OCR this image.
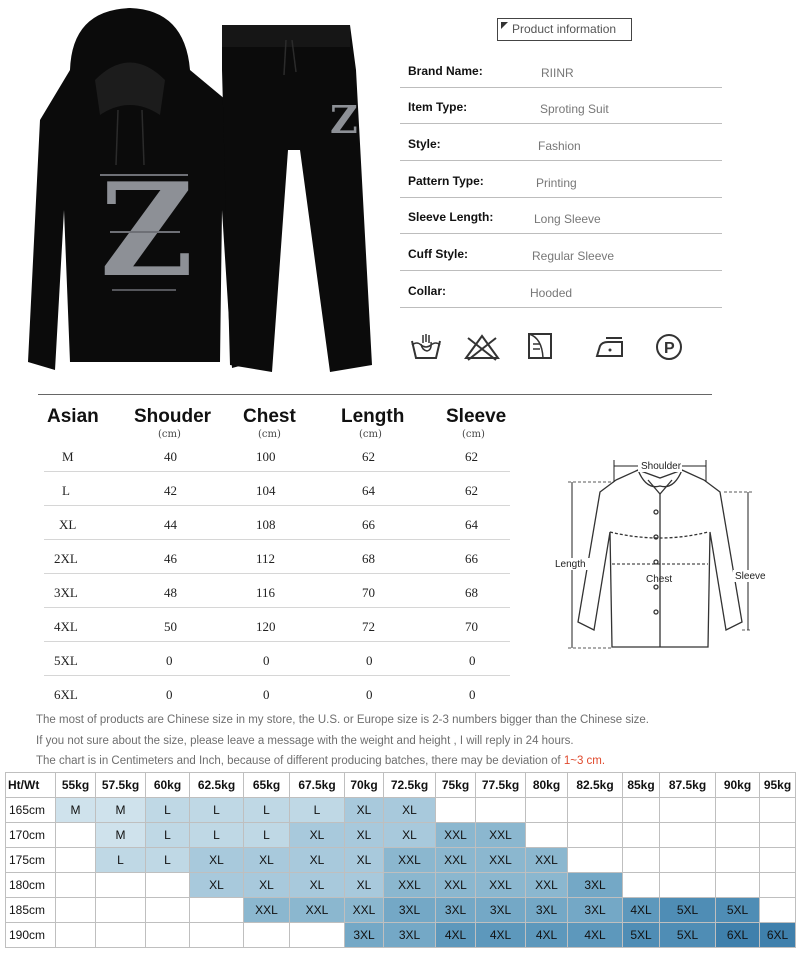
Z
Z
Product information
Brand Name:	RIINR
Item Type:	Sproting Suit
Style:	Fashion
Pattern Type:	Printing
Sleeve Length:	Long Sleeve
Cuff Style:	Regular Sleeve
Collar:	Hooded
P
Asian Shouder Chest Length Sleeve
(cm)	(cm)	(cm)	(cm)
M	40	100	62	62
L	42	104	64	62
XL	44	108	66	64
2XL	46	112	68	66
3XL	48	116	70	68
4XL	50	120	72	70
5XL	0	0	0	0
6XL	0	0	0	0
Shoulder
Chest
Length
Sleeve
The most of products are Chinese size in my store, the U.S. or Europe size is 2-3 numbers bigger than the Chinese size.
If you not sure about the size, please leave a message with the weight and height , I will reply in 24 hours.
The chart is in Centimeters and Inch, because of different producing batches, there may be deviation of 1~3 cm.
Ht/Wt	55kg	57.5kg	60kg	62.5kg	65kg	67.5kg	70kg	72.5kg	75kg	77.5kg	80kg	82.5kg	85kg	87.5kg	90kg	95kg
165cm	M	M	L	L	L	L	XL	XL								
170cm		M	L	L	L	XL	XL	XL	XXL	XXL						
175cm		L	L	XL	XL	XL	XL	XXL	XXL	XXL	XXL					
180cm				XL	XL	XL	XL	XXL	XXL	XXL	XXL	3XL				
185cm					XXL	XXL	XXL	3XL	3XL	3XL	3XL	3XL	4XL	5XL	5XL	
190cm							3XL	3XL	4XL	4XL	4XL	4XL	5XL	5XL	6XL	6XL
